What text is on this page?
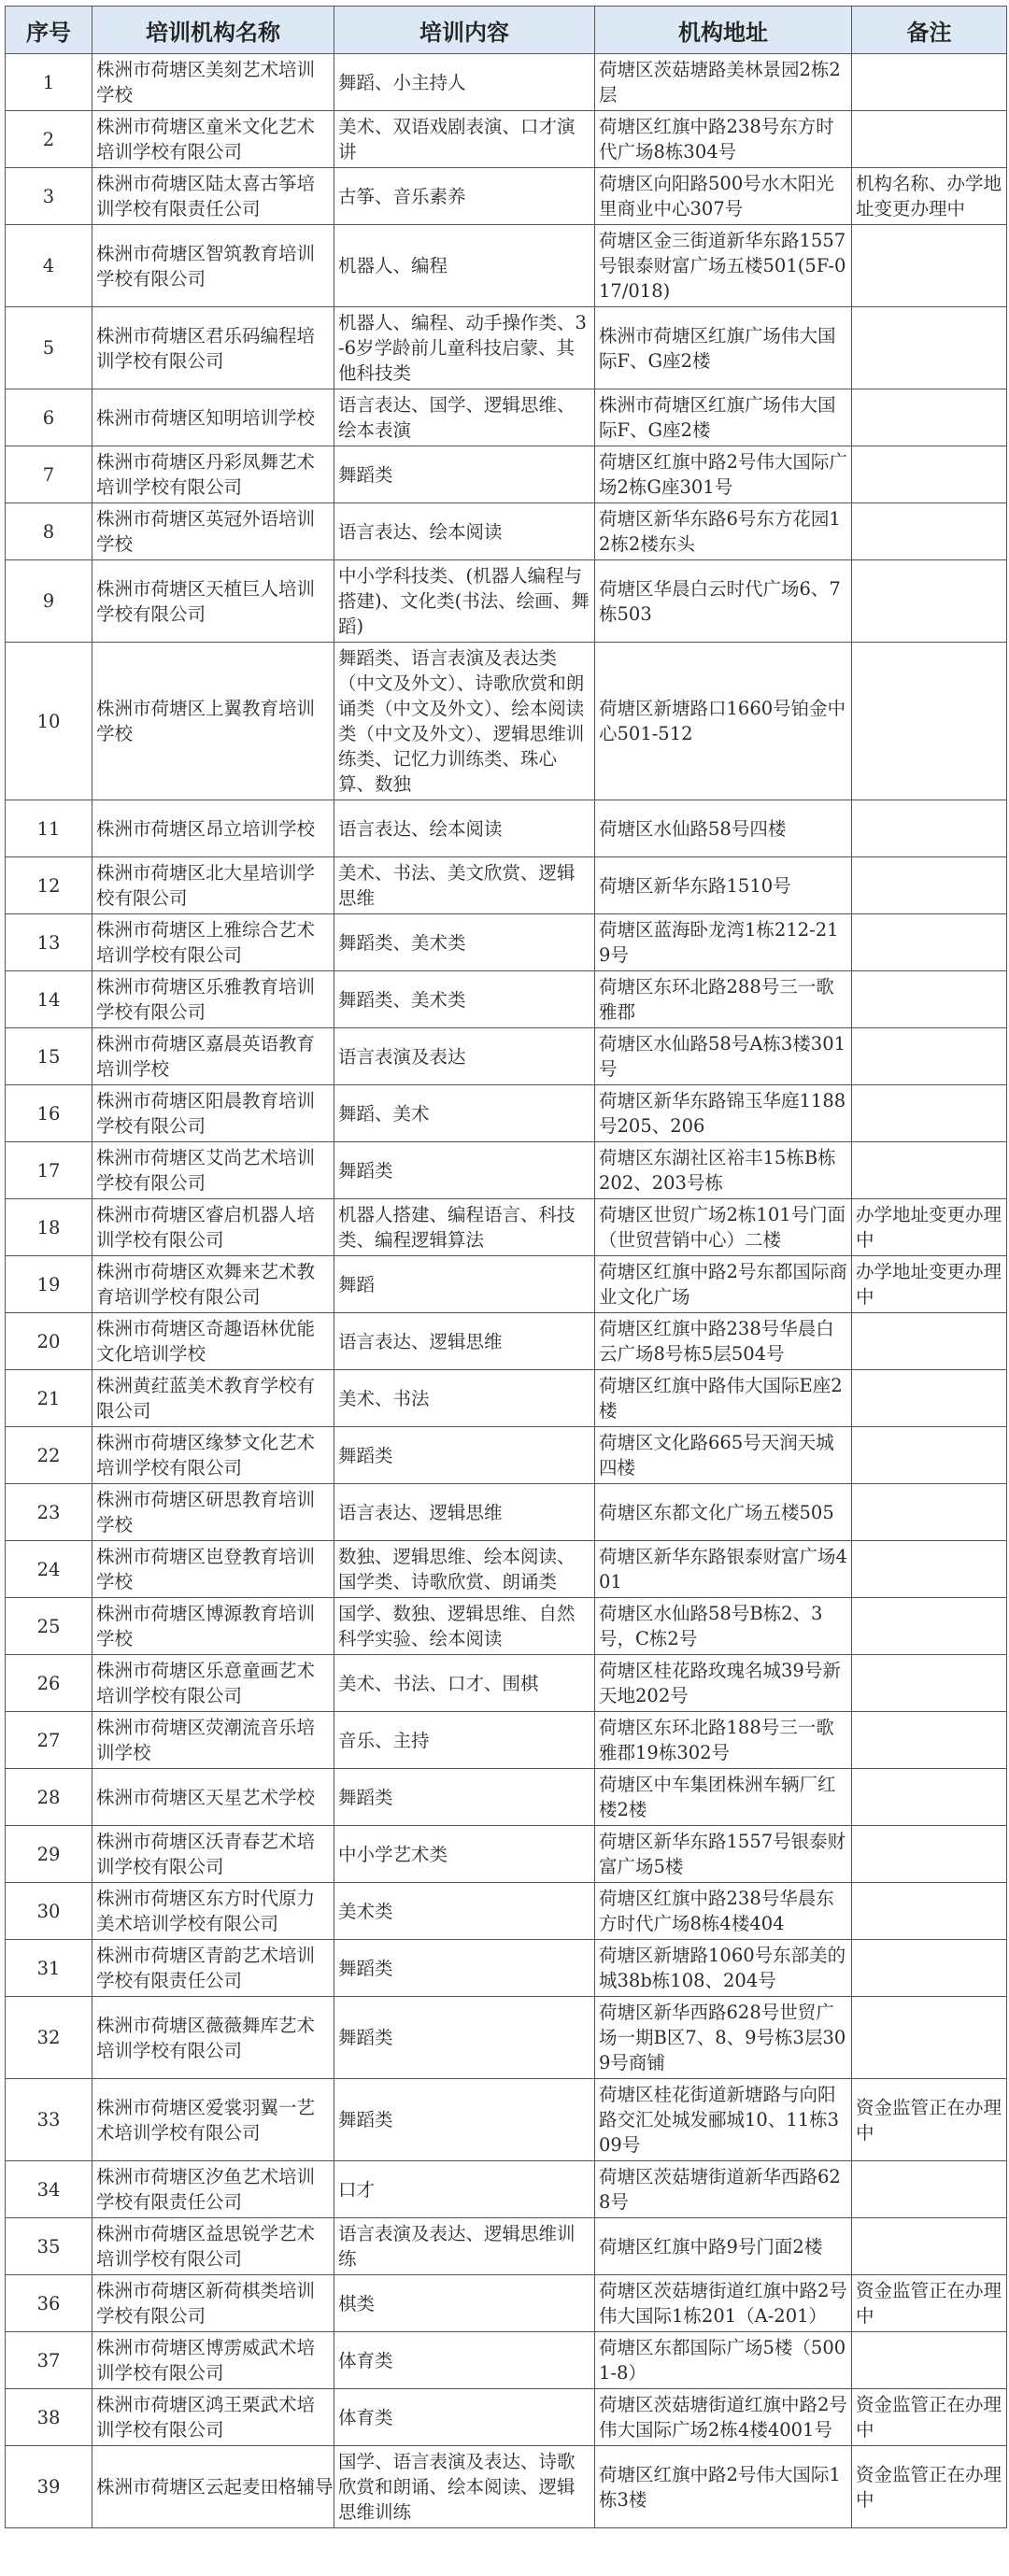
序号	培训机构名称	培训内容	机构地址	备注
1	株洲市荷塘区美刻艺术培训学校	舞蹈、小主持人	荷塘区茨菇塘路美林景园2栋2层	
2	株洲市荷塘区童米文化艺术培训学校有限公司	美术、双语戏剧表演、口才演讲	荷塘区红旗中路238号东方时代广场8栋304号	
3	株洲市荷塘区陆太喜古筝培训学校有限责任公司	古筝、音乐素养	荷塘区向阳路500号水木阳光里商业中心307号	机构名称、办学地址变更办理中
4	株洲市荷塘区智筑教育培训学校有限公司	机器人、编程	荷塘区金三街道新华东路1557号银泰财富广场五楼501(5F-017/018)	
5	株洲市荷塘区君乐码编程培训学校有限公司	机器人、编程、动手操作类、3-6岁学龄前儿童科技启蒙、其他科技类	株洲市荷塘区红旗广场伟大国际F、G座2楼	
6	株洲市荷塘区知明培训学校	语言表达、国学、逻辑思维、绘本表演	株洲市荷塘区红旗广场伟大国际F、G座2楼	
7	株洲市荷塘区丹彩凤舞艺术培训学校有限公司	舞蹈类	荷塘区红旗中路2号伟大国际广场2栋G座301号	
8	株洲市荷塘区英冠外语培训学校	语言表达、绘本阅读	荷塘区新华东路6号东方花园12栋2楼东头	
9	株洲市荷塘区天植巨人培训学校有限公司	中小学科技类、(机器人编程与搭建)、文化类(书法、绘画、舞蹈)	荷塘区华晨白云时代广场6、7栋503	
10	株洲市荷塘区上翼教育培训学校	舞蹈类、语言表演及表达类（中文及外文）、诗歌欣赏和朗诵类（中文及外文）、绘本阅读类（中文及外文）、逻辑思维训练类、记忆力训练类、珠心算、数独	荷塘区新塘路口1660号铂金中心501-512	
11	株洲市荷塘区昂立培训学校	语言表达、绘本阅读	荷塘区水仙路58号四楼	
12	株洲市荷塘区北大星培训学校有限公司	美术、书法、美文欣赏、逻辑思维	荷塘区新华东路1510号	
13	株洲市荷塘区上雅综合艺术培训学校有限公司	舞蹈类、美术类	荷塘区蓝海卧龙湾1栋212-219号	
14	株洲市荷塘区乐雅教育培训学校有限公司	舞蹈类、美术类	荷塘区东环北路288号三一歌雅郡	
15	株洲市荷塘区嘉晨英语教育培训学校	语言表演及表达	荷塘区水仙路58号A栋3楼301号	
16	株洲市荷塘区阳晨教育培训学校有限公司	舞蹈、美术	荷塘区新华东路锦玉华庭1188号205、206	
17	株洲市荷塘区艾尚艺术培训学校有限公司	舞蹈类	荷塘区东湖社区裕丰15栋B栋202、203号栋	
18	株洲市荷塘区睿启机器人培训学校有限公司	机器人搭建、编程语言、科技类、编程逻辑算法	荷塘区世贸广场2栋101号门面（世贸营销中心）二楼	办学地址变更办理中
19	株洲市荷塘区欢舞来艺术教育培训学校有限公司	舞蹈	荷塘区红旗中路2号东都国际商业文化广场	办学地址变更办理中
20	株洲市荷塘区奇趣语林优能文化培训学校	语言表达、逻辑思维	荷塘区红旗中路238号华晨白云广场8号栋5层504号	
21	株洲黄荭蓝美术教育学校有限公司	美术、书法	荷塘区红旗中路伟大国际E座2楼	
22	株洲市荷塘区缘梦文化艺术培训学校有限公司	舞蹈类	荷塘区文化路665号天润天城四楼	
23	株洲市荷塘区研思教育培训学校	语言表达、逻辑思维	荷塘区东都文化广场五楼505	
24	株洲市荷塘区岜登教育培训学校	数独、逻辑思维、绘本阅读、国学类、诗歌欣赏、朗诵类	荷塘区新华东路银泰财富广场401	
25	株洲市荷塘区博源教育培训学校	国学、数独、逻辑思维、自然科学实验、绘本阅读	荷塘区水仙路58号B栋2、3号，C栋2号	
26	株洲市荷塘区乐意童画艺术培训学校有限公司	美术、书法、口才、围棋	荷塘区桂花路玫瑰名城39号新天地202号	
27	株洲市荷塘区荧潮流音乐培训学校	音乐、主持	荷塘区东环北路188号三一歌雅郡19栋302号	
28	株洲市荷塘区天星艺术学校	舞蹈类	荷塘区中车集团株洲车辆厂红楼2楼	
29	株洲市荷塘区沃青春艺术培训学校有限公司	中小学艺术类	荷塘区新华东路1557号银泰财富广场5楼	
30	株洲市荷塘区东方时代原力美术培训学校有限公司	美术类	荷塘区红旗中路238号华晨东方时代广场8栋4楼404	
31	株洲市荷塘区青韵艺术培训学校有限责任公司	舞蹈类	荷塘区新塘路1060号东部美的城38b栋108、204号	
32	株洲市荷塘区薇薇舞库艺术培训学校有限公司	舞蹈类	荷塘区新华西路628号世贸广场一期B区7、8、9号栋3层309号商铺	
33	株洲市荷塘区爱裳羽翼一艺术培训学校有限公司	舞蹈类	荷塘区桂花街道新塘路与向阳路交汇处城发郦城10、11栋309号	资金监管正在办理中
34	株洲市荷塘区汐鱼艺术培训学校有限责任公司	口才	荷塘区茨菇塘街道新华西路628号	
35	株洲市荷塘区益思锐学艺术培训学校有限公司	语言表演及表达、逻辑思维训练	荷塘区红旗中路9号门面2楼	
36	株洲市荷塘区新荷棋类培训学校有限公司	棋类	荷塘区茨菇塘街道红旗中路2号伟大国际1栋201（A-201）	资金监管正在办理中
37	株洲市荷塘区博雳威武术培训学校有限公司	体育类	荷塘区东都国际广场5楼（5001-8）	
38	株洲市荷塘区鸿王栗武术培训学校有限公司	体育类	荷塘区茨菇塘街道红旗中路2号伟大国际广场2栋4楼4001号	资金监管正在办理中
39	株洲市荷塘区云起麦田格辅导	国学、语言表演及表达、诗歌欣赏和朗诵、绘本阅读、逻辑思维训练	荷塘区红旗中路2号伟大国际1栋3楼	资金监管正在办理中
